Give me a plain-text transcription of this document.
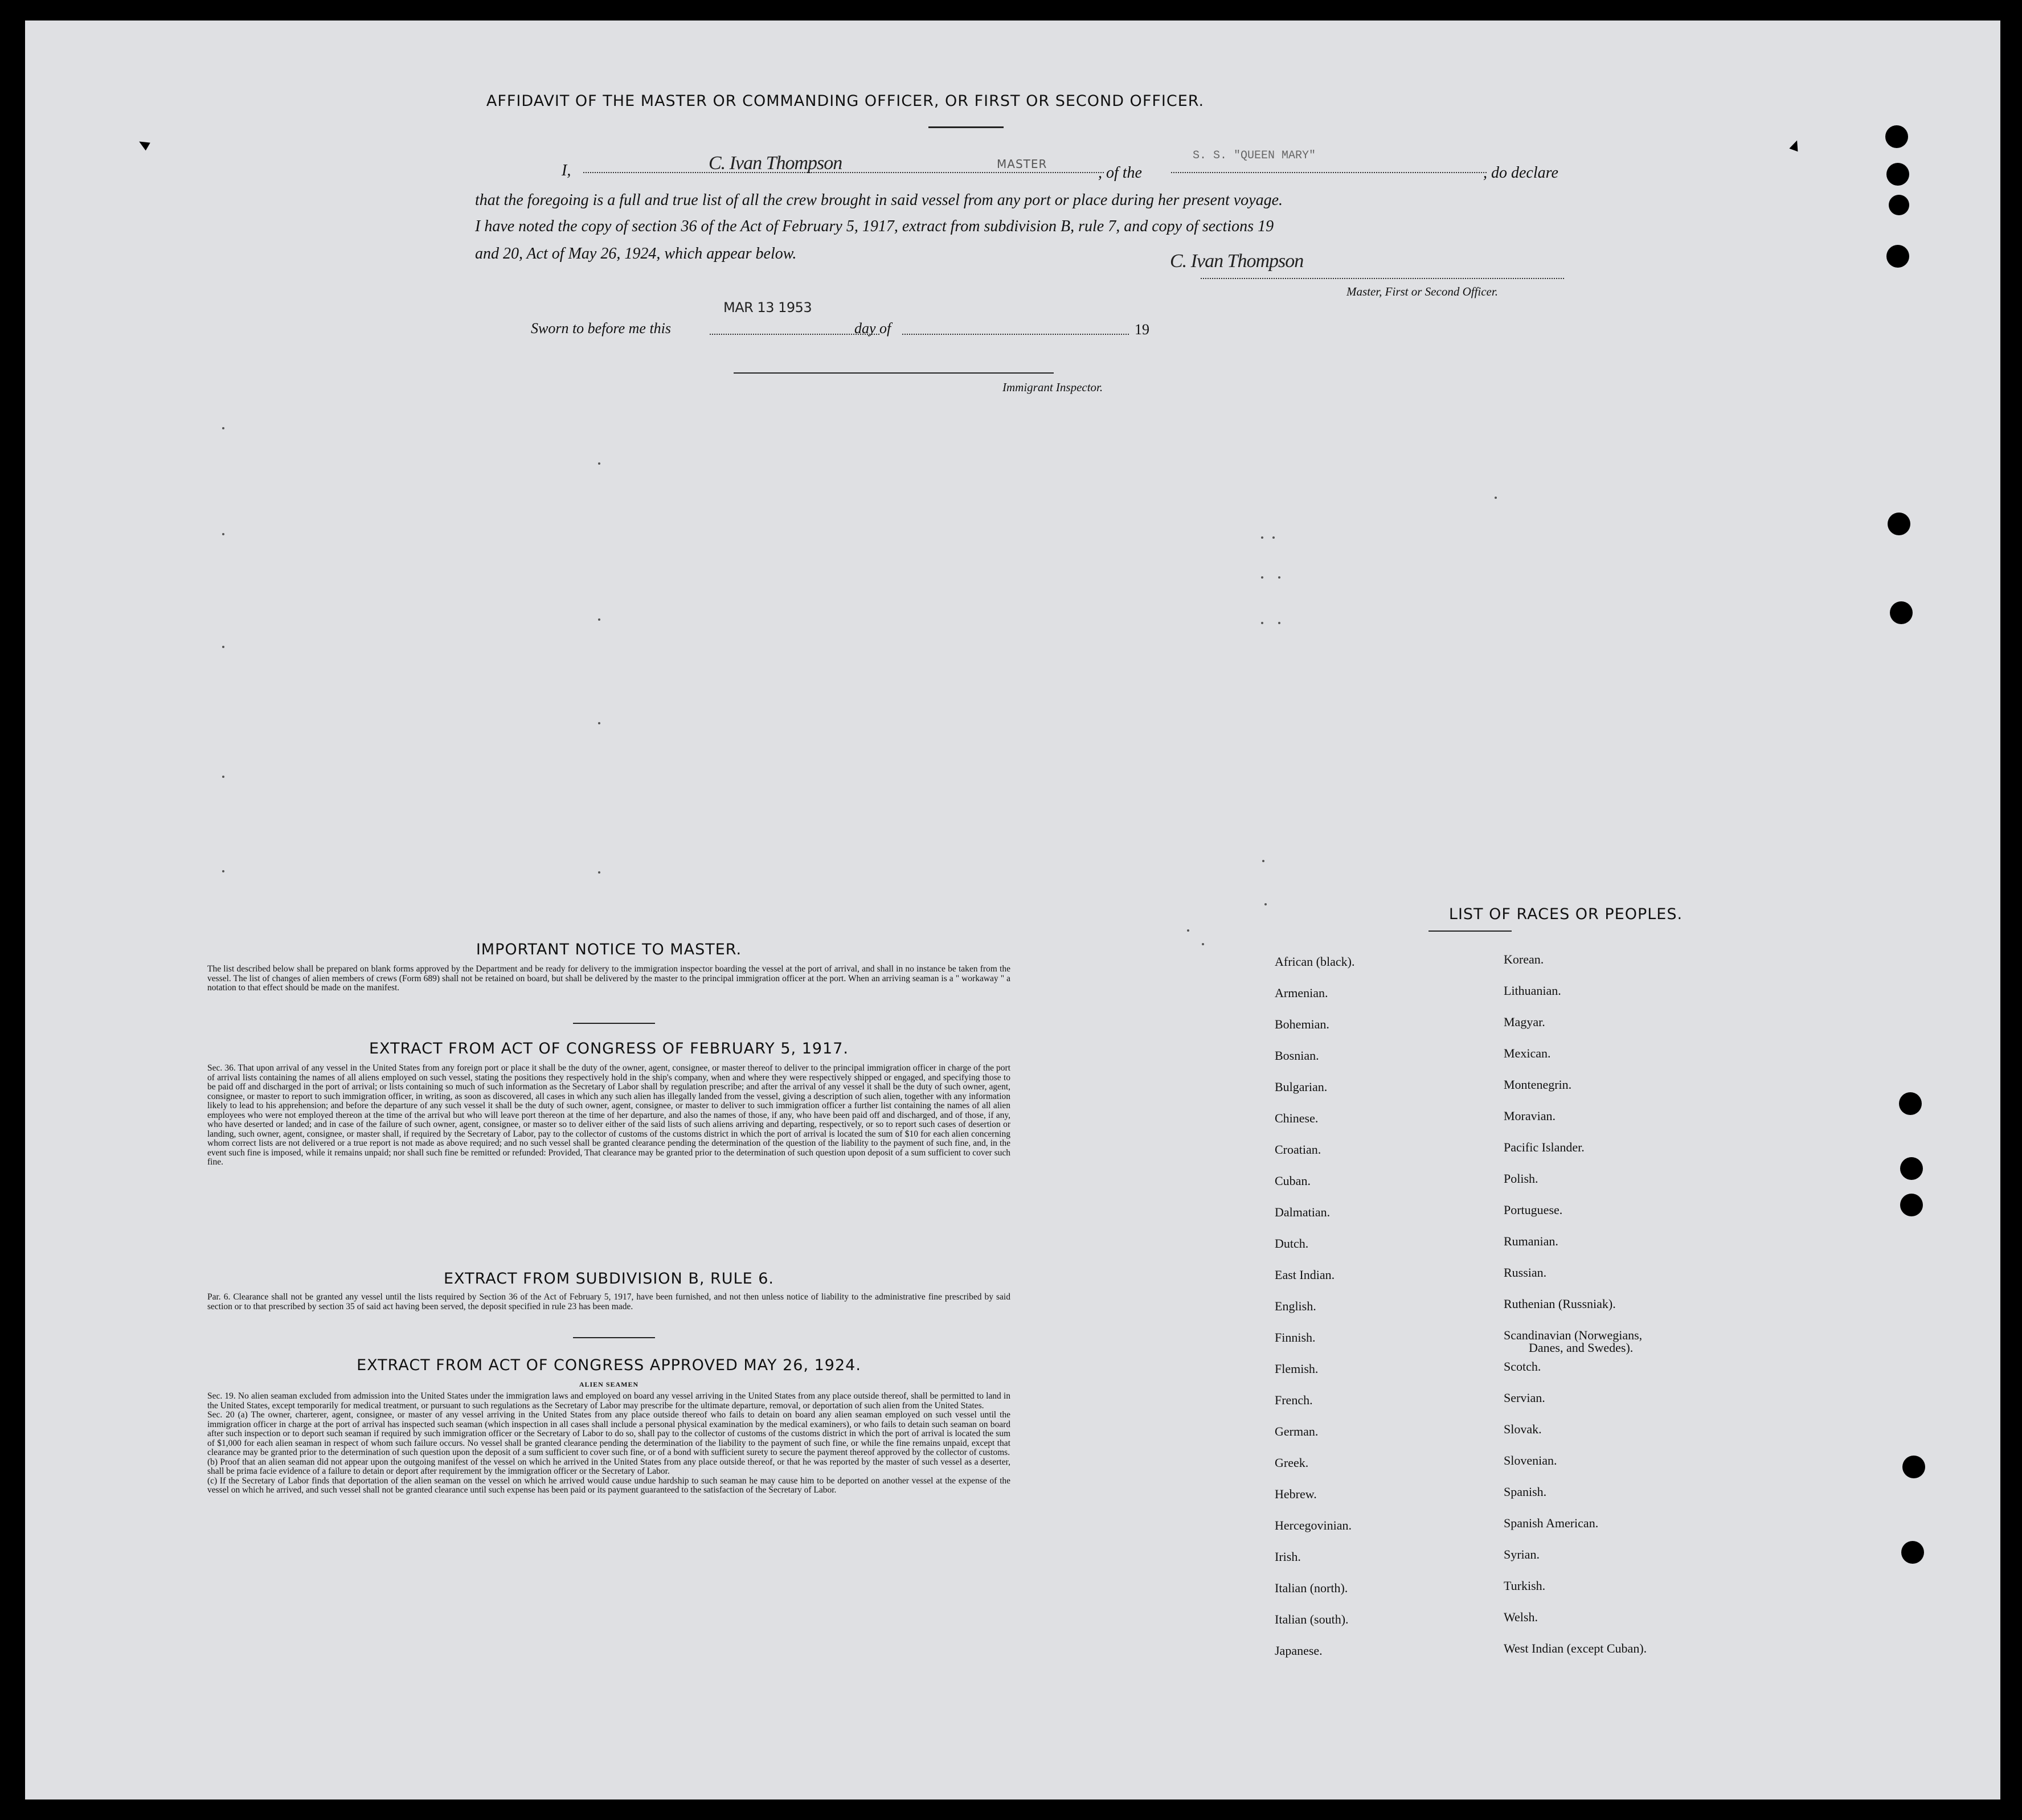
AFFIDAVIT OF THE MASTER OR COMMANDING OFFICER, OR FIRST OR SECOND OFFICER.
I,	C. Ivan Thompson	MASTER	, of the
S. S. "QUEEN MARY"
, do declare
that the foregoing is a full and true list of all the crew brought in said vessel from any port or place during her present voyage.
I have noted the copy of section 36 of the Act of February 5, 1917, extract from subdivision B, rule 7, and copy of sections 19
and 20, Act of May 26, 1924, which appear below.	C. Ivan Thompson
Master, First or Second Officer.
Sworn to before me this
MAR 13 1953
day of	19
Immigrant Inspector.
IMPORTANT NOTICE TO MASTER.
The list described below shall be prepared on blank forms approved by the Department and be ready for delivery to the immigration inspector boarding the vessel at the port of arrival, and shall in no instance be taken from the vessel. The list of changes of alien members of crews (Form 689) shall not be retained on board, but shall be delivered by the master to the principal immigration officer at the port. When an arriving seaman is a " workaway " a notation to that effect should be made on the manifest.
EXTRACT FROM ACT OF CONGRESS OF FEBRUARY 5, 1917.
Sec. 36. That upon arrival of any vessel in the United States from any foreign port or place it shall be the duty of the owner, agent, consignee, or master thereof to deliver to the principal immigration officer in charge of the port of arrival lists containing the names of all aliens employed on such vessel, stating the positions they respectively hold in the ship's company, when and where they were respectively shipped or engaged, and specifying those to be paid off and discharged in the port of arrival; or lists containing so much of such information as the Secretary of Labor shall by regulation prescribe; and after the arrival of any vessel it shall be the duty of such owner, agent, consignee, or master to report to such immigration officer, in writing, as soon as discovered, all cases in which any such alien has illegally landed from the vessel, giving a description of such alien, together with any information likely to lead to his apprehension; and before the departure of any such vessel it shall be the duty of such owner, agent, consignee, or master to deliver to such immigration officer a further list containing the names of all alien employees who were not employed thereon at the time of the arrival but who will leave port thereon at the time of her departure, and also the names of those, if any, who have been paid off and discharged, and of those, if any, who have deserted or landed; and in case of the failure of such owner, agent, consignee, or master so to deliver either of the said lists of such aliens arriving and departing, respectively, or so to report such cases of desertion or landing, such owner, agent, consignee, or master shall, if required by the Secretary of Labor, pay to the collector of customs of the customs district in which the port of arrival is located the sum of $10 for each alien concerning whom correct lists are not delivered or a true report is not made as above required; and no such vessel shall be granted clearance pending the determination of the question of the liability to the payment of such fine, and, in the event such fine is imposed, while it remains unpaid; nor shall such fine be remitted or refunded: Provided, That clearance may be granted prior to the determination of such question upon deposit of a sum sufficient to cover such fine.
EXTRACT FROM SUBDIVISION B, RULE 6.
Par. 6. Clearance shall not be granted any vessel until the lists required by Section 36 of the Act of February 5, 1917, have been furnished, and not then unless notice of liability to the administrative fine prescribed by said section or to that prescribed by section 35 of said act having been served, the deposit specified in rule 23 has been made.
EXTRACT FROM ACT OF CONGRESS APPROVED MAY 26, 1924.
ALIEN SEAMEN
Sec. 19. No alien seaman excluded from admission into the United States under the immigration laws and employed on board any vessel arriving in the United States from any place outside thereof, shall be permitted to land in the United States, except temporarily for medical treatment, or pursuant to such regulations as the Secretary of Labor may prescribe for the ultimate departure, removal, or deportation of such alien from the United States.
Sec. 20 (a) The owner, charterer, agent, consignee, or master of any vessel arriving in the United States from any place outside thereof who fails to detain on board any alien seaman employed on such vessel until the immigration officer in charge at the port of arrival has inspected such seaman (which inspection in all cases shall include a personal physical examination by the medical examiners), or who fails to detain such seaman on board after such inspection or to deport such seaman if required by such immigration officer or the Secretary of Labor to do so, shall pay to the collector of customs of the customs district in which the port of arrival is located the sum of $1,000 for each alien seaman in respect of whom such failure occurs. No vessel shall be granted clearance pending the determination of the liability to the payment of such fine, or while the fine remains unpaid, except that clearance may be granted prior to the determination of such question upon the deposit of a sum sufficient to cover such fine, or of a bond with sufficient surety to secure the payment thereof approved by the collector of customs.
(b) Proof that an alien seaman did not appear upon the outgoing manifest of the vessel on which he arrived in the United States from any place outside thereof, or that he was reported by the master of such vessel as a deserter, shall be prima facie evidence of a failure to detain or deport after requirement by the immigration officer or the Secretary of Labor.
(c) If the Secretary of Labor finds that deportation of the alien seaman on the vessel on which he arrived would cause undue hardship to such seaman he may cause him to be deported on another vessel at the expense of the vessel on which he arrived, and such vessel shall not be granted clearance until such expense has been paid or its payment guaranteed to the satisfaction of the Secretary of Labor.
LIST OF RACES OR PEOPLES.
African (black).
Armenian.
Bohemian.
Bosnian.
Bulgarian.
Chinese.
Croatian.
Cuban.
Dalmatian.
Dutch.
East Indian.
English.
Finnish.
Flemish.
French.
German.
Greek.
Hebrew.
Hercegovinian.
Irish.
Italian (north).
Italian (south).
Japanese.
Korean.
Lithuanian.
Magyar.
Mexican.
Montenegrin.
Moravian.
Pacific Islander.
Polish.
Portuguese.
Rumanian.
Russian.
Ruthenian (Russniak).
Scandinavian (Norwegians,
Danes, and Swedes).
Scotch.
Servian.
Slovak.
Slovenian.
Spanish.
Spanish American.
Syrian.
Turkish.
Welsh.
West Indian (except Cuban).
